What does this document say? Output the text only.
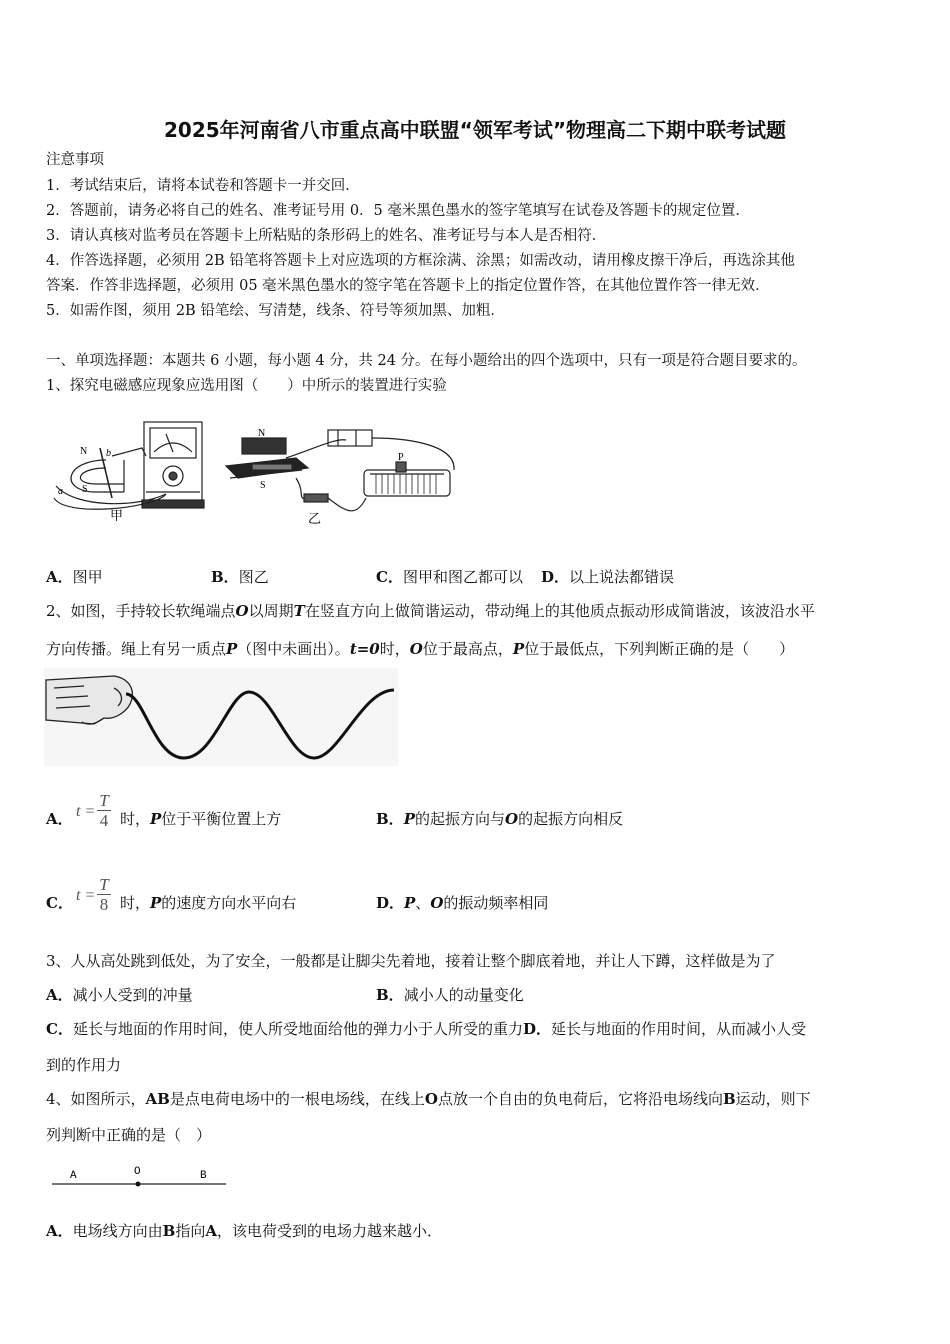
2025年河南省八市重点高中联盟“领军考试”物理高二下期中联考试题
注意事项
1．考试结束后，请将本试卷和答题卡一并交回．
2．答题前，请务必将自己的姓名、准考证号用 0．5 毫米黑色墨水的签字笔填写在试卷及答题卡的规定位置．
3．请认真核对监考员在答题卡上所粘贴的条形码上的姓名、准考证号与本人是否相符．
4．作答选择题，必须用 2B 铅笔将答题卡上对应选项的方框涂满、涂黑；如需改动，请用橡皮擦干净后，再选涂其他
答案．作答非选择题，必须用 05 毫米黑色墨水的签字笔在答题卡上的指定位置作答，在其他位置作答一律无效．
5．如需作图，须用 2B 铅笔绘、写清楚，线条、符号等须加黑、加粗．
一、单项选择题：本题共 6 小题，每小题 4 分，共 24 分。在每小题给出的四个选项中，只有一项是符合题目要求的。
1、探究电磁感应现象应选用图（　　）中所示的装置进行实验
N
S
a
b
甲
N
S
P
乙
A．图甲	B．图乙	C．图甲和图乙都可以 D．以上说法都错误
2、如图，手持较长软绳端点O以周期T在竖直方向上做简谐运动，带动绳上的其他质点振动形成简谐波，该波沿水平
方向传播。绳上有另一质点P（图中未画出）。t=0时，O位于最高点，P位于最低点，下列判断正确的是（　　）
A． $t = \frac{T}{4}$ 时，P位于平衡位置上方	B．P的起振方向与O的起振方向相反
C． $t = \frac{T}{8}$ 时，P的速度方向水平向右	D．P、O的振动频率相同
3、人从高处跳到低处，为了安全，一般都是让脚尖先着地，接着让整个脚底着地，并让人下蹲，这样做是为了
A．减小人受到的冲量	B．减小人的动量变化
C．延长与地面的作用时间，使人所受地面给他的弹力小于人所受的重力D．延长与地面的作用时间，从而减小人受
到的作用力
4、如图所示，AB是点电荷电场中的一根电场线，在线上O点放一个自由的负电荷后，它将沿电场线向B运动，则下
列判断中正确的是（　）
A	O	B
A．电场线方向由B指向A，该电荷受到的电场力越来越小．
